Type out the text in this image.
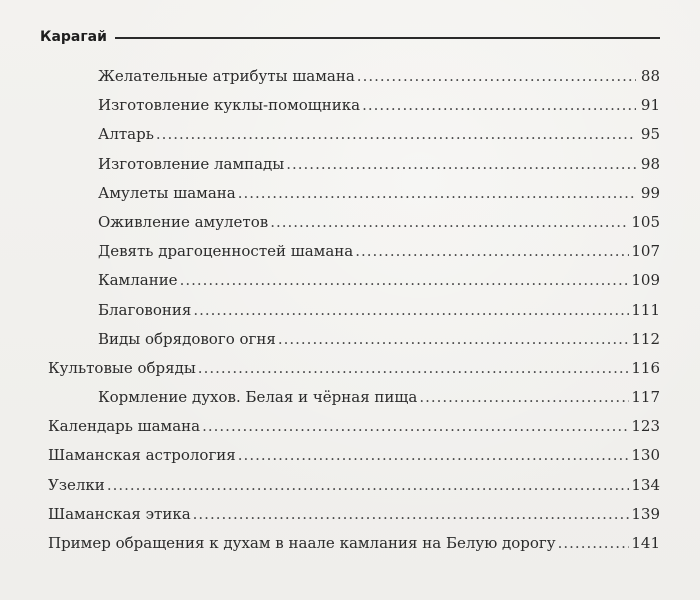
Карагай
Желательные атрибуты шамана .....	88
Изготовление куклы-помощника .....	91
Алтарь .....	95
Изготовление лампады .....	98
Амулеты шамана .....	99
Оживление амулетов .....	105
Девять драгоценностей шамана .....	107
Камлание .....	109
Благовония .....	111
Виды обрядового огня .....	112
Культовые обряды .....	116
Кормление духов. Белая и чёрная пища .....	117
Календарь шамана .....	123
Шаманская астрология .....	130
Узелки .....	134
Шаманская этика .....	139
Пример обращения к духам в наале камлания на Белую дорогу .....	141
